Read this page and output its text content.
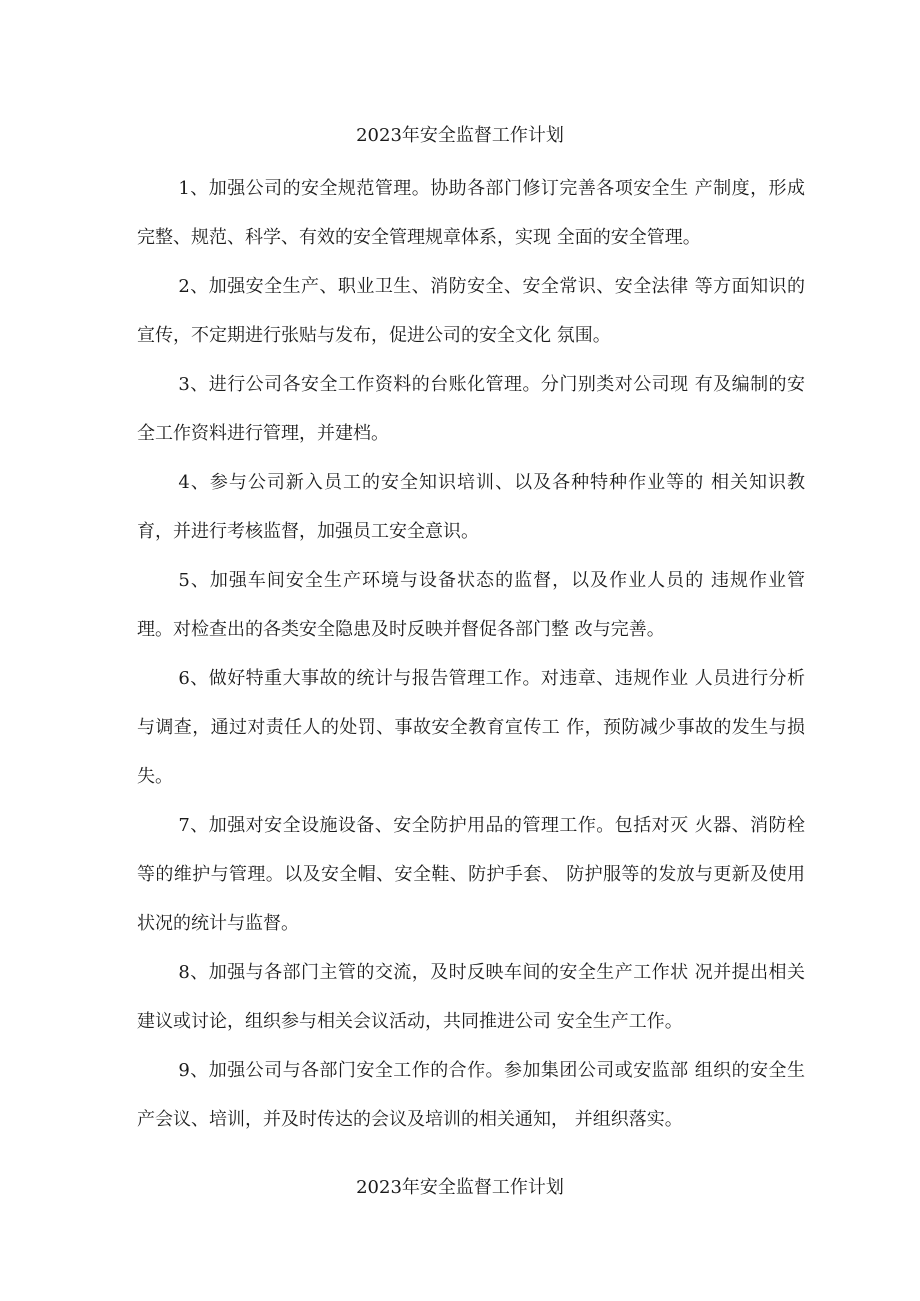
2023年安全监督工作计划

1、加强公司的安全规范管理。协助各部门修订完善各项安全生 产制度，形成完整、规范、科学、有效的安全管理规章体系，实现 全面的安全管理。

2、加强安全生产、职业卫生、消防安全、安全常识、安全法律 等方面知识的宣传，不定期进行张贴与发布，促进公司的安全文化 氛围。

3、进行公司各安全工作资料的台账化管理。分门别类对公司现 有及编制的安全工作资料进行管理，并建档。

4、参与公司新入员工的安全知识培训、以及各种特种作业等的 相关知识教育，并进行考核监督，加强员工安全意识。

5、加强车间安全生产环境与设备状态的监督，以及作业人员的 违规作业管理。对检查出的各类安全隐患及时反映并督促各部门整 改与完善。

6、做好特重大事故的统计与报告管理工作。对违章、违规作业 人员进行分析与调查，通过对责任人的处罚、事故安全教育宣传工 作，预防减少事故的发生与损失。

7、加强对安全设施设备、安全防护用品的管理工作。包括对灭 火器、消防栓等的维护与管理。以及安全帽、安全鞋、防护手套、 防护服等的发放与更新及使用状况的统计与监督。

8、加强与各部门主管的交流，及时反映车间的安全生产工作状 况并提出相关建议或讨论，组织参与相关会议活动，共同推进公司 安全生产工作。

9、加强公司与各部门安全工作的合作。参加集团公司或安监部 组织的安全生产会议、培训，并及时传达的会议及培训的相关通知， 并组织落实。

2023年安全监督工作计划
